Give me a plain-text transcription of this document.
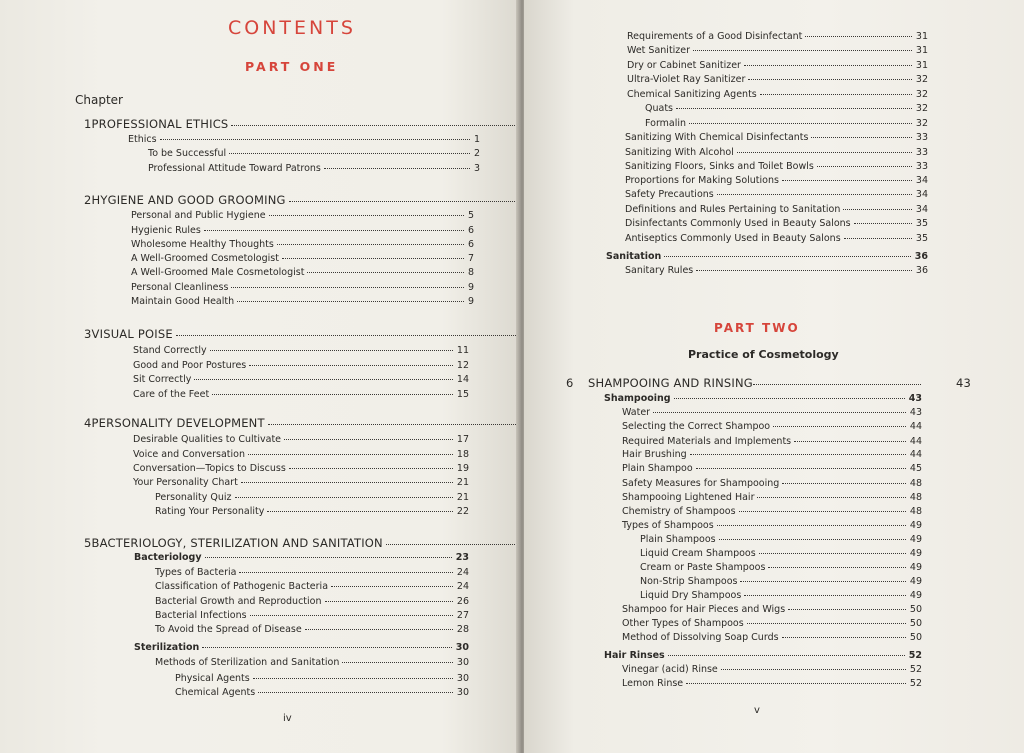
CONTENTS
PART ONE
Chapter
1 PROFESSIONAL ETHICS
Ethics	1
To be Successful	2
Professional Attitude Toward Patrons	3
2 HYGIENE AND GOOD GROOMING
Personal and Public Hygiene	5
Hygienic Rules	6
Wholesome Healthy Thoughts	6
A Well-Groomed Cosmetologist	7
A Well-Groomed Male Cosmetologist	8
Personal Cleanliness	9
Maintain Good Health	9
3 VISUAL POISE
Stand Correctly	11
Good and Poor Postures	12
Sit Correctly	14
Care of the Feet	15
4 PERSONALITY DEVELOPMENT
Desirable Qualities to Cultivate	17
Voice and Conversation	18
Conversation—Topics to Discuss	19
Your Personality Chart	21
Personality Quiz	21
Rating Your Personality	22
5 BACTERIOLOGY, STERILIZATION AND SANITATION
Bacteriology	23
Types of Bacteria	24
Classification of Pathogenic Bacteria	24
Bacterial Growth and Reproduction	26
Bacterial Infections	27
To Avoid the Spread of Disease	28
Sterilization	30
Methods of Sterilization and Sanitation	30
Physical Agents	30
Chemical Agents	30
iv
Requirements of a Good Disinfectant	31
Wet Sanitizer	31
Dry or Cabinet Sanitizer	31
Ultra-Violet Ray Sanitizer	32
Chemical Sanitizing Agents	32
Quats	32
Formalin	32
Sanitizing With Chemical Disinfectants	33
Sanitizing With Alcohol	33
Sanitizing Floors, Sinks and Toilet Bowls	33
Proportions for Making Solutions	34
Safety Precautions	34
Definitions and Rules Pertaining to Sanitation	34
Disinfectants Commonly Used in Beauty Salons	35
Antiseptics Commonly Used in Beauty Salons	35
Sanitation	36
Sanitary Rules	36
6	SHAMPOOING AND RINSING	43
Shampooing	43
Water	43
Selecting the Correct Shampoo	44
Required Materials and Implements	44
Hair Brushing	44
Plain Shampoo	45
Safety Measures for Shampooing	48
Shampooing Lightened Hair	48
Chemistry of Shampoos	48
Types of Shampoos	49
Plain Shampoos	49
Liquid Cream Shampoos	49
Cream or Paste Shampoos	49
Non-Strip Shampoos	49
Liquid Dry Shampoos	49
Shampoo for Hair Pieces and Wigs	50
Other Types of Shampoos	50
Method of Dissolving Soap Curds	50
Hair Rinses	52
Vinegar (acid) Rinse	52
Lemon Rinse	52
PART TWO
Practice of Cosmetology
v
